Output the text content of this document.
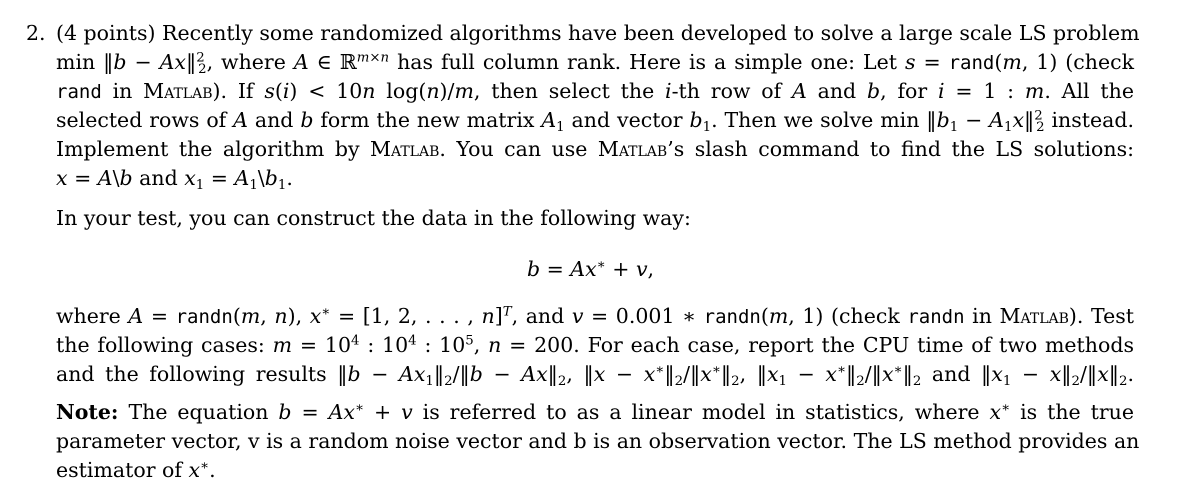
2. (4 points) Recently some randomized algorithms have been developed to solve a large scale LS problem
min ‖b − Ax‖$^2_2$, where A ∈ ℝ$^{m\times n}$ has full column rank. Here is a simple one: Let s = rand(m, 1) (check
rand in Matlab). If s(i) < 10n log(n)/m, then select the i-th row of A and b, for i = 1 : m. All the
selected rows of A and b form the new matrix $A_1$ and vector $b_1$. Then we solve $\min ‖b_1$ − $A_1x‖^2_2$ instead.
Implement the algorithm by Matlab. You can use Matlab’s slash command to find the LS solutions:
x = A\b and $x_1$ = $A_1\backslash b_1$.
In your test, you can construct the data in the following way:
b = Ax∗ + v,
where A = randn(m, n), x∗ = [1, 2, . . . , n]$^T$, and v = 0.001 ∗ randn(m, 1) (check randn in Matlab). Test
the following cases: $m = 10^4$ : $10^4$ : $10^5$, n = 200. For each case, report the CPU time of two methods
and the following results ‖b − $Ax_1‖_2/‖b$ − $Ax‖_2$, ‖x − $x^∗‖_2/‖x^∗‖_2$, $‖x_1$ − $x^∗‖_2/‖x^∗‖_2$ and $‖x_1$ − $x‖_2/‖x‖_2$.
Note: The equation b = Ax∗ + v is referred to as a linear model in statistics, where x∗ is the true
parameter vector, v is a random noise vector and b is an observation vector. The LS method provides an
estimator of x∗.
